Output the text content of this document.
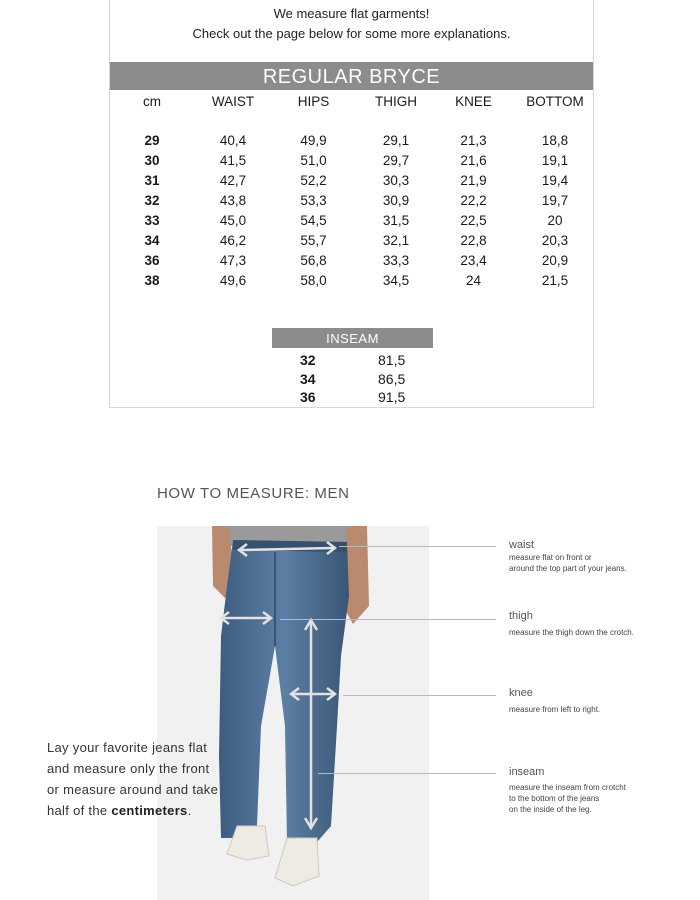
We measure flat garments!
Check out the page below for some more explanations.
REGULAR BRYCE
cm	WAIST	HIPS	THIGH	KNEE	BOTTOM
29	40,4	49,9	29,1	21,3	18,8
30	41,5	51,0	29,7	21,6	19,1
31	42,7	52,2	30,3	21,9	19,4
32	43,8	53,3	30,9	22,2	19,7
33	45,0	54,5	31,5	22,5	20
34	46,2	55,7	32,1	22,8	20,3
36	47,3	56,8	33,3	23,4	20,9
38	49,6	58,0	34,5	24	21,5
INSEAM
32	81,5
34	86,5
36	91,5
HOW TO MEASURE: MEN
waist
measure flat on front or
around the top part of your jeans.
thigh
measure the thigh down the crotch.
knee
measure from left to right.
inseam
measure the inseam from crotcht
to the bottom of the jeans
on the inside of the leg.
Lay your favorite jeans flat
and measure only the front
or measure around and take
half of the centimeters.
